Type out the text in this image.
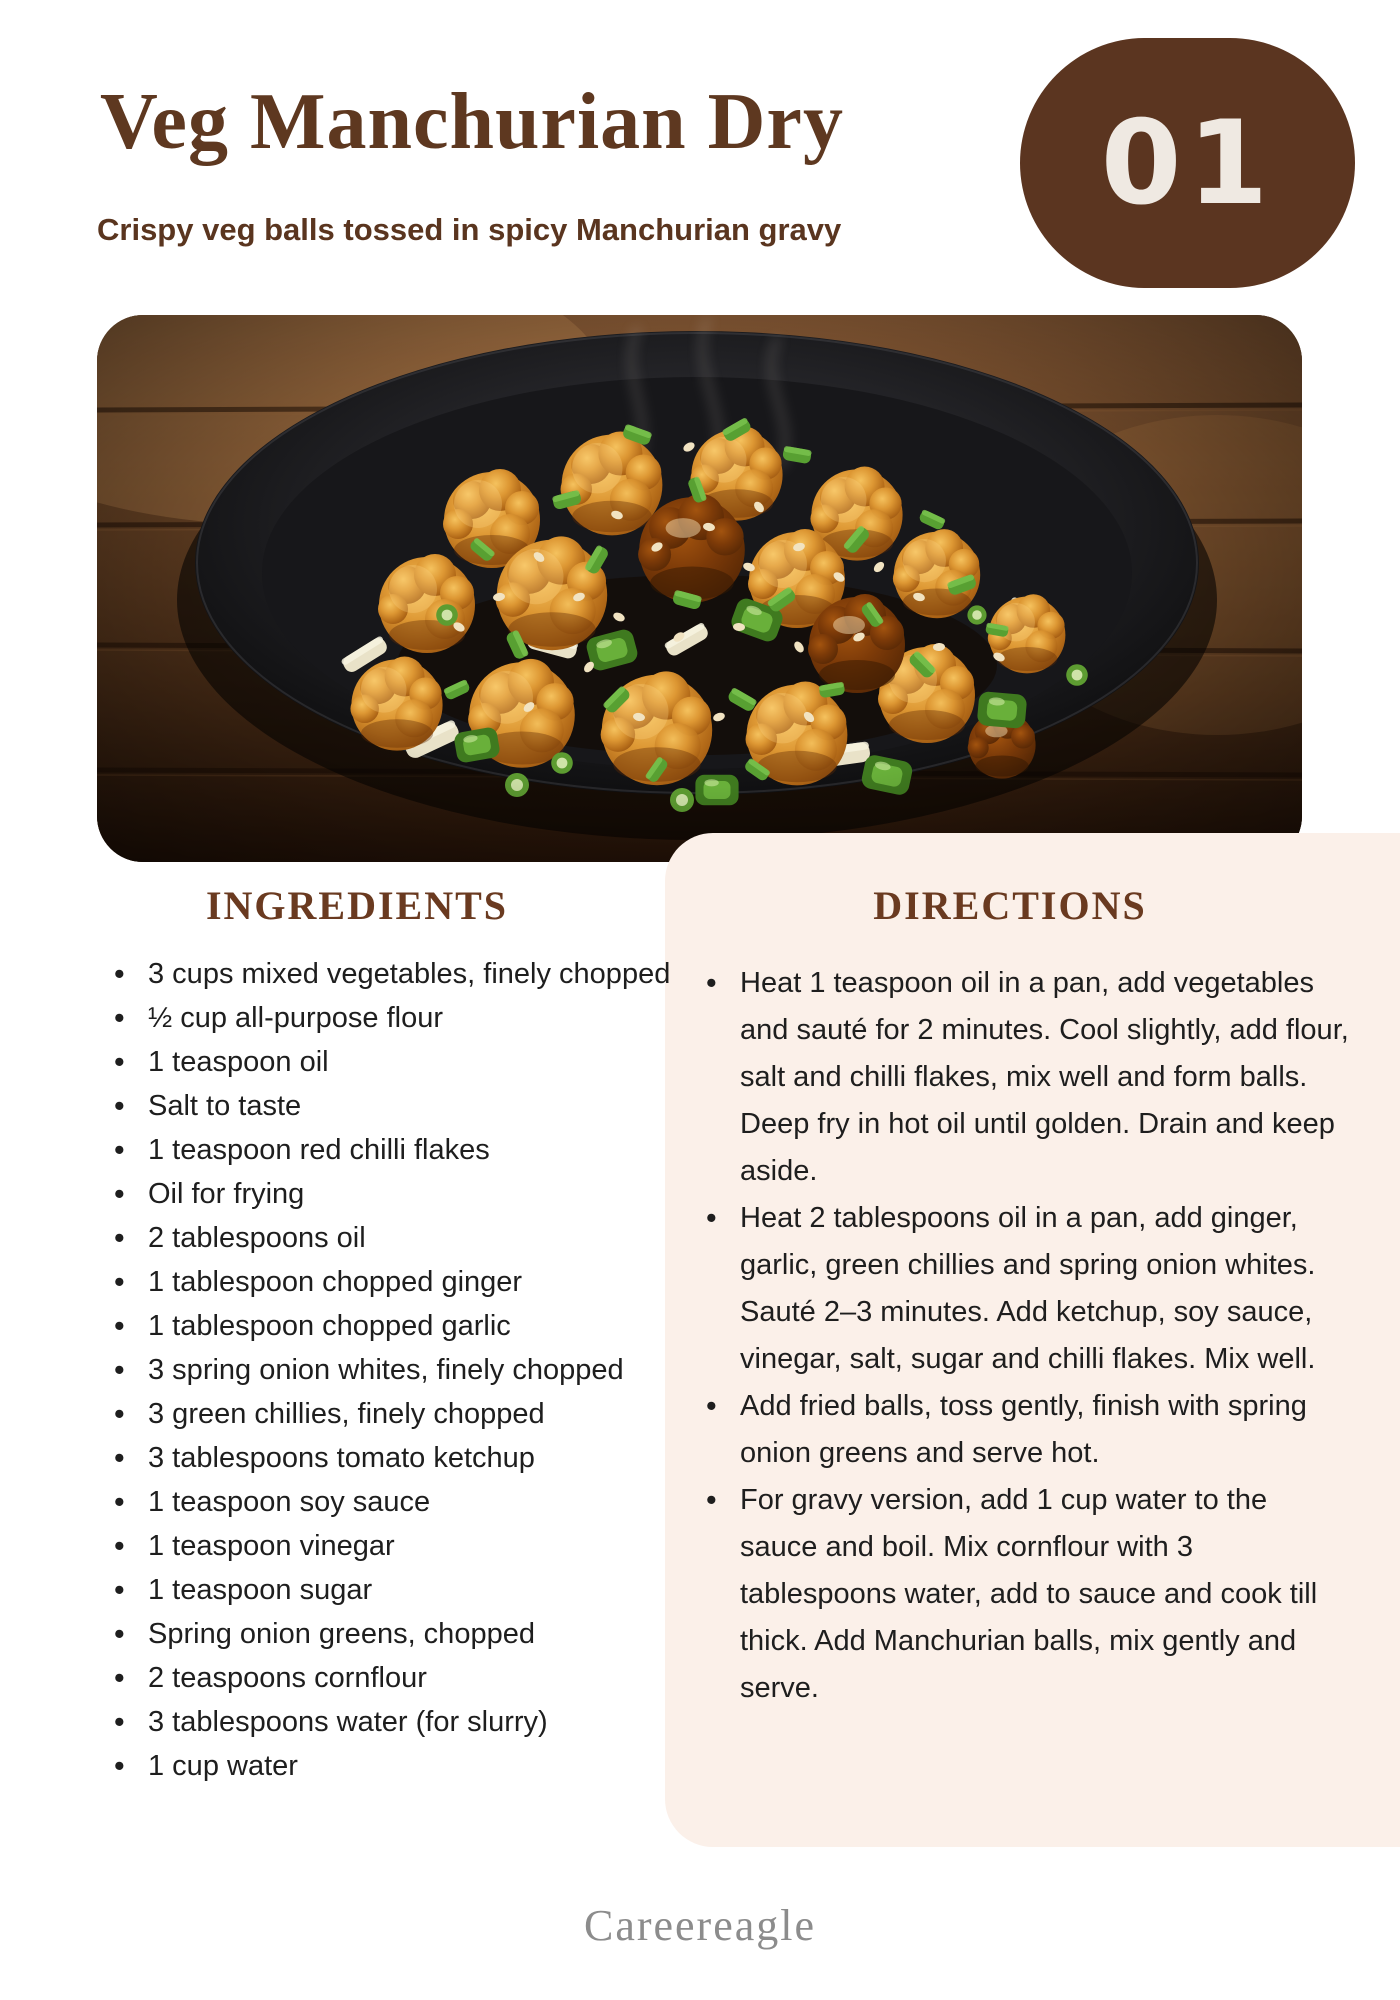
Veg Manchurian Dry	01
Crispy veg balls tossed in spicy Manchurian gravy
INGREDIENTS	DIRECTIONS
• 3 cups mixed vegetables, finely chopped
• ½ cup all-purpose flour
• 1 teaspoon oil
• Salt to taste
• 1 teaspoon red chilli flakes
• Oil for frying
• 2 tablespoons oil
• 1 tablespoon chopped ginger
• 1 tablespoon chopped garlic
• 3 spring onion whites, finely chopped
• 3 green chillies, finely chopped
• 3 tablespoons tomato ketchup
• 1 teaspoon soy sauce
• 1 teaspoon vinegar
• 1 teaspoon sugar
• Spring onion greens, chopped
• 2 teaspoons cornflour
• 3 tablespoons water (for slurry)
• 1 cup water
• Heat 1 teaspoon oil in a pan, add vegetables and sauté for 2 minutes. Cool slightly, add flour, salt and chilli flakes, mix well and form balls. Deep fry in hot oil until golden. Drain and keep aside.
• Heat 2 tablespoons oil in a pan, add ginger, garlic, green chillies and spring onion whites. Sauté 2–3 minutes. Add ketchup, soy sauce, vinegar, salt, sugar and chilli flakes. Mix well.
• Add fried balls, toss gently, finish with spring onion greens and serve hot.
• For gravy version, add 1 cup water to the sauce and boil. Mix cornflour with 3 tablespoons water, add to sauce and cook till thick. Add Manchurian balls, mix gently and serve.
Careereagle
